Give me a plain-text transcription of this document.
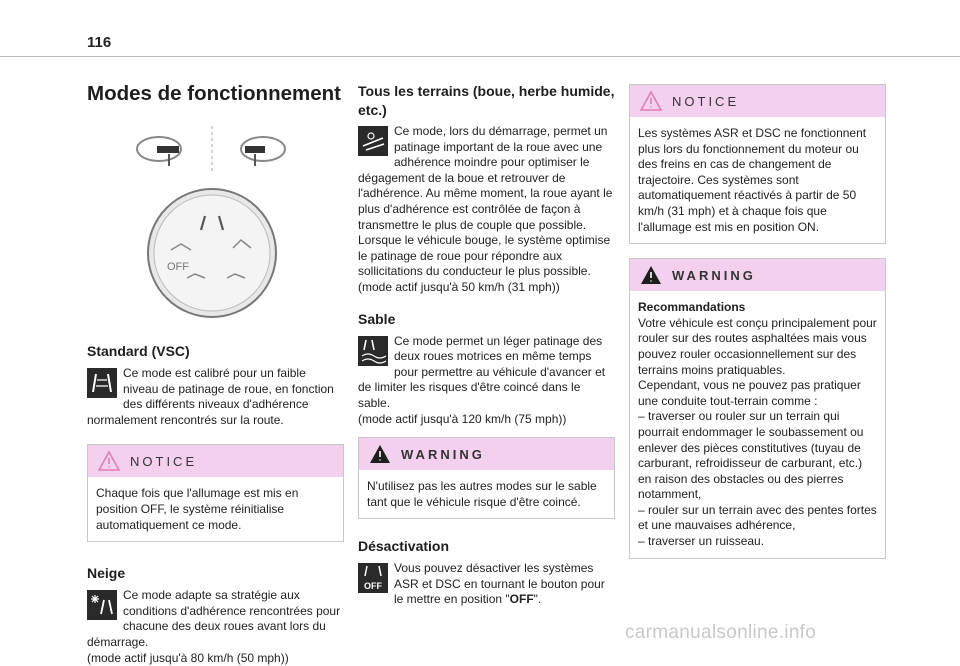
116
Modes de fonctionnement
OFF
Standard (VSC)

Ce mode est calibré pour un faible niveau de patinage de roue, en fonction des différents niveaux d'adhérence normalement rencontrés sur la route.

NOTICE
Chaque fois que l'allumage est mis en position OFF, le système réinitialise automatiquement ce mode.
Neige

Ce mode adapte sa stratégie aux conditions d'adhérence rencontrées pour chacune des deux roues avant lors du démarrage.

(mode actif jusqu'à 80 km/h (50 mph))

Tous les terrains (boue, herbe humide, etc.)

Ce mode, lors du démarrage, permet un patinage important de la roue avec une adhérence moindre pour optimiser le dégagement de la boue et retrouver de l'adhérence. Au même moment, la roue ayant le plus d'adhérence est contrôlée de façon à transmettre le plus de couple que possible.

Lorsque le véhicule bouge, le système optimise le patinage de roue pour répondre aux sollicitations du conducteur le plus possible.

(mode actif jusqu'à 50 km/h (31 mph))

Sable

Ce mode permet un léger patinage des deux roues motrices en même temps pour permettre au véhicule d'avancer et de limiter les risques d'être coincé dans le sable.

(mode actif jusqu'à 120 km/h (75 mph))

WARNING
N'utilisez pas les autres modes sur le sable tant que le véhicule risque d'être coincé.
Désactivation
OFF

Vous pouvez désactiver les systèmes ASR et DSC en tournant le bouton pour le mettre en position "OFF".

NOTICE
Les systèmes ASR et DSC ne fonctionnent plus lors du fonctionnement du moteur ou des freins en cas de changement de trajectoire. Ces systèmes sont automatiquement réactivés à partir de 50 km/h (31 mph) et à chaque fois que l'allumage est mis en position ON.
WARNING

Recommandations

Votre véhicule est conçu principalement pour rouler sur des routes asphaltées mais vous pouvez rouler occasionnellement sur des terrains moins pratiquables.

Cependant, vous ne pouvez pas pratiquer une conduite tout-terrain comme :

– traverser ou rouler sur un terrain qui pourrait endommager le soubassement ou enlever des pièces constitutives (tuyau de carburant, refroidisseur de carburant, etc.) en raison des obstacles ou des pierres notamment,

– rouler sur un terrain avec des pentes fortes et une mauvaises adhérence,

– traverser un ruisseau.

carmanualsonline.info
